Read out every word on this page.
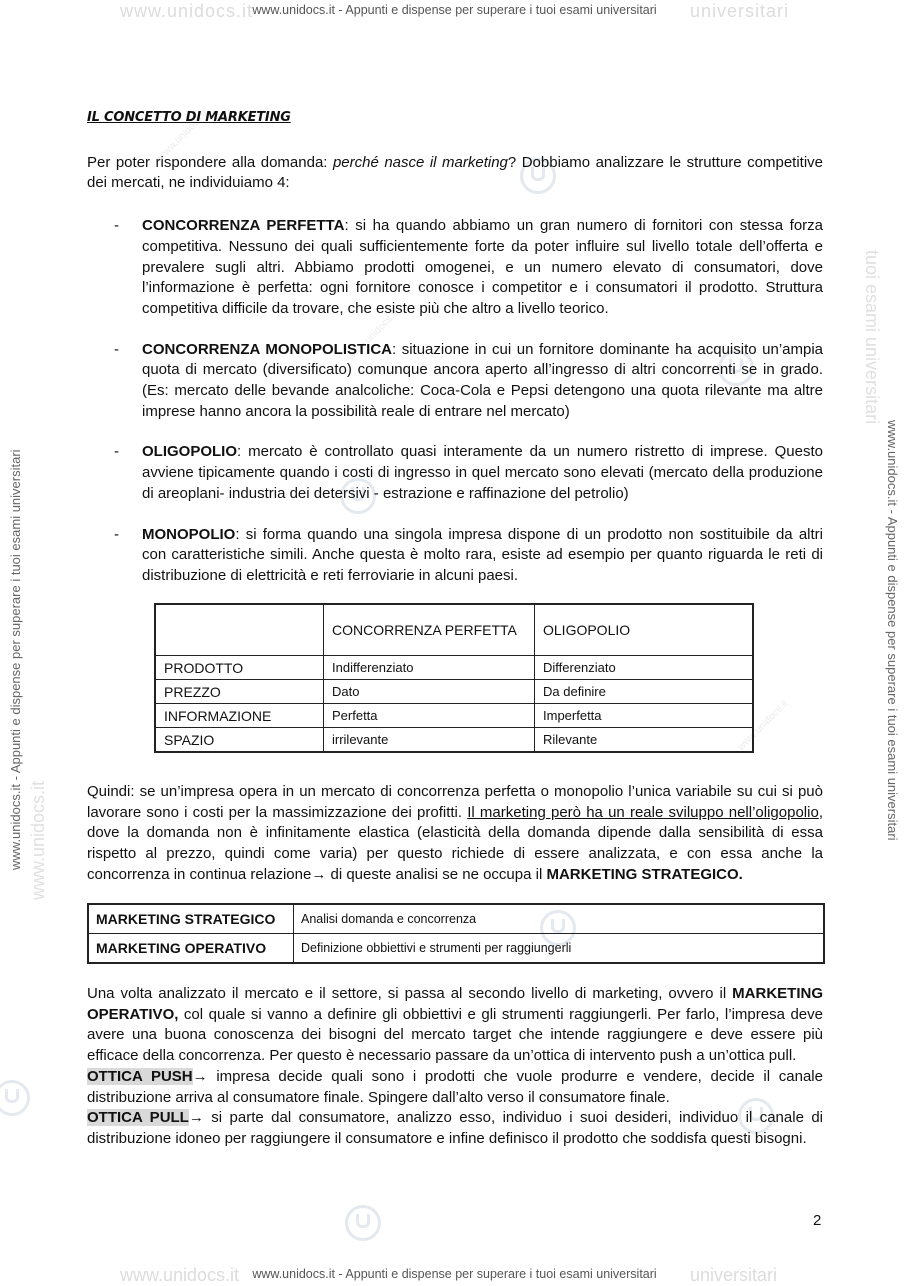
www.unidocs.it	universitari
www.unidocs.it - Appunti e dispense per superare i tuoi esami universitari
www.unidocs.it
tuoi esami universitari
www.unidocs.it - Appunti e dispense per superare i tuoi esami universitari	www.unidocs.it - Appunti e dispense per superare i tuoi esami universitari
www.unidocs.it
www.unidocs.it
www.unidocs.it

IL CONCETTO DI MARKETING

Per poter rispondere alla domanda: perché nasce il marketing? Dobbiamo analizzare le strutture competitive dei mercati, ne individuiamo 4:

- CONCORRENZA PERFETTA: si ha quando abbiamo un gran numero di fornitori con stessa forza competitiva. Nessuno dei quali sufficientemente forte da poter influire sul livello totale dell’offerta e prevalere sugli altri. Abbiamo prodotti omogenei, e un numero elevato di consumatori, dove l’informazione è perfetta: ogni fornitore conosce i competitor e i consumatori il prodotto. Struttura competitiva difficile da trovare, che esiste più che altro a livello teorico.
- CONCORRENZA MONOPOLISTICA: situazione in cui un fornitore dominante ha acquisito un’ampia quota di mercato (diversificato) comunque ancora aperto all’ingresso di altri concorrenti se in grado. (Es: mercato delle bevande analcoliche: Coca-Cola e Pepsi detengono una quota rilevante ma altre imprese hanno ancora la possibilità reale di entrare nel mercato)
- OLIGOPOLIO: mercato è controllato quasi interamente da un numero ristretto di imprese. Questo avviene tipicamente quando i costi di ingresso in quel mercato sono elevati (mercato della produzione di areoplani- industria dei detersivi - estrazione e raffinazione del petrolio)
- MONOPOLIO: si forma quando una singola impresa dispone di un prodotto non sostituibile da altri con caratteristiche simili. Anche questa è molto rara, esiste ad esempio per quanto riguarda le reti di distribuzione di elettricità e reti ferroviarie in alcuni paesi.
	CONCORRENZA PERFETTA	OLIGOPOLIO
PRODOTTO	Indifferenziato	Differenziato
PREZZO	Dato	Da definire
INFORMAZIONE	Perfetta	Imperfetta
SPAZIO	irrilevante	Rilevante

Quindi: se un’impresa opera in un mercato di concorrenza perfetta o monopolio l’unica variabile su cui si può lavorare sono i costi per la massimizzazione dei profitti. Il marketing però ha un reale sviluppo nell’oligopolio, dove la domanda non è infinitamente elastica (elasticità della domanda dipende dalla sensibilità di essa rispetto al prezzo, quindi come varia) per questo richiede di essere analizzata, e con essa anche la concorrenza in continua relazione→ di queste analisi se ne occupa il MARKETING STRATEGICO.

MARKETING STRATEGICO	Analisi domanda e concorrenza
MARKETING OPERATIVO	Definizione obbiettivi e strumenti per raggiungerli

Una volta analizzato il mercato e il settore, si passa al secondo livello di marketing, ovvero il MARKETING OPERATIVO, col quale si vanno a definire gli obbiettivi e gli strumenti raggiungerli. Per farlo, l’impresa deve avere una buona conoscenza dei bisogni del mercato target che intende raggiungere e deve essere più efficace della concorrenza. Per questo è necessario passare da un’ottica di intervento push a un’ottica pull.

OTTICA PUSH→ impresa decide quali sono i prodotti che vuole produrre e vendere, decide il canale distribuzione arriva al consumatore finale. Spingere dall’alto verso il consumatore finale.

OTTICA PULL→ si parte dal consumatore, analizzo esso, individuo i suoi desideri, individuo il canale di distribuzione idoneo per raggiungere il consumatore e infine definisco il prodotto che soddisfa questi bisogni.

2
www.unidocs.it	universitari
www.unidocs.it - Appunti e dispense per superare i tuoi esami universitari
